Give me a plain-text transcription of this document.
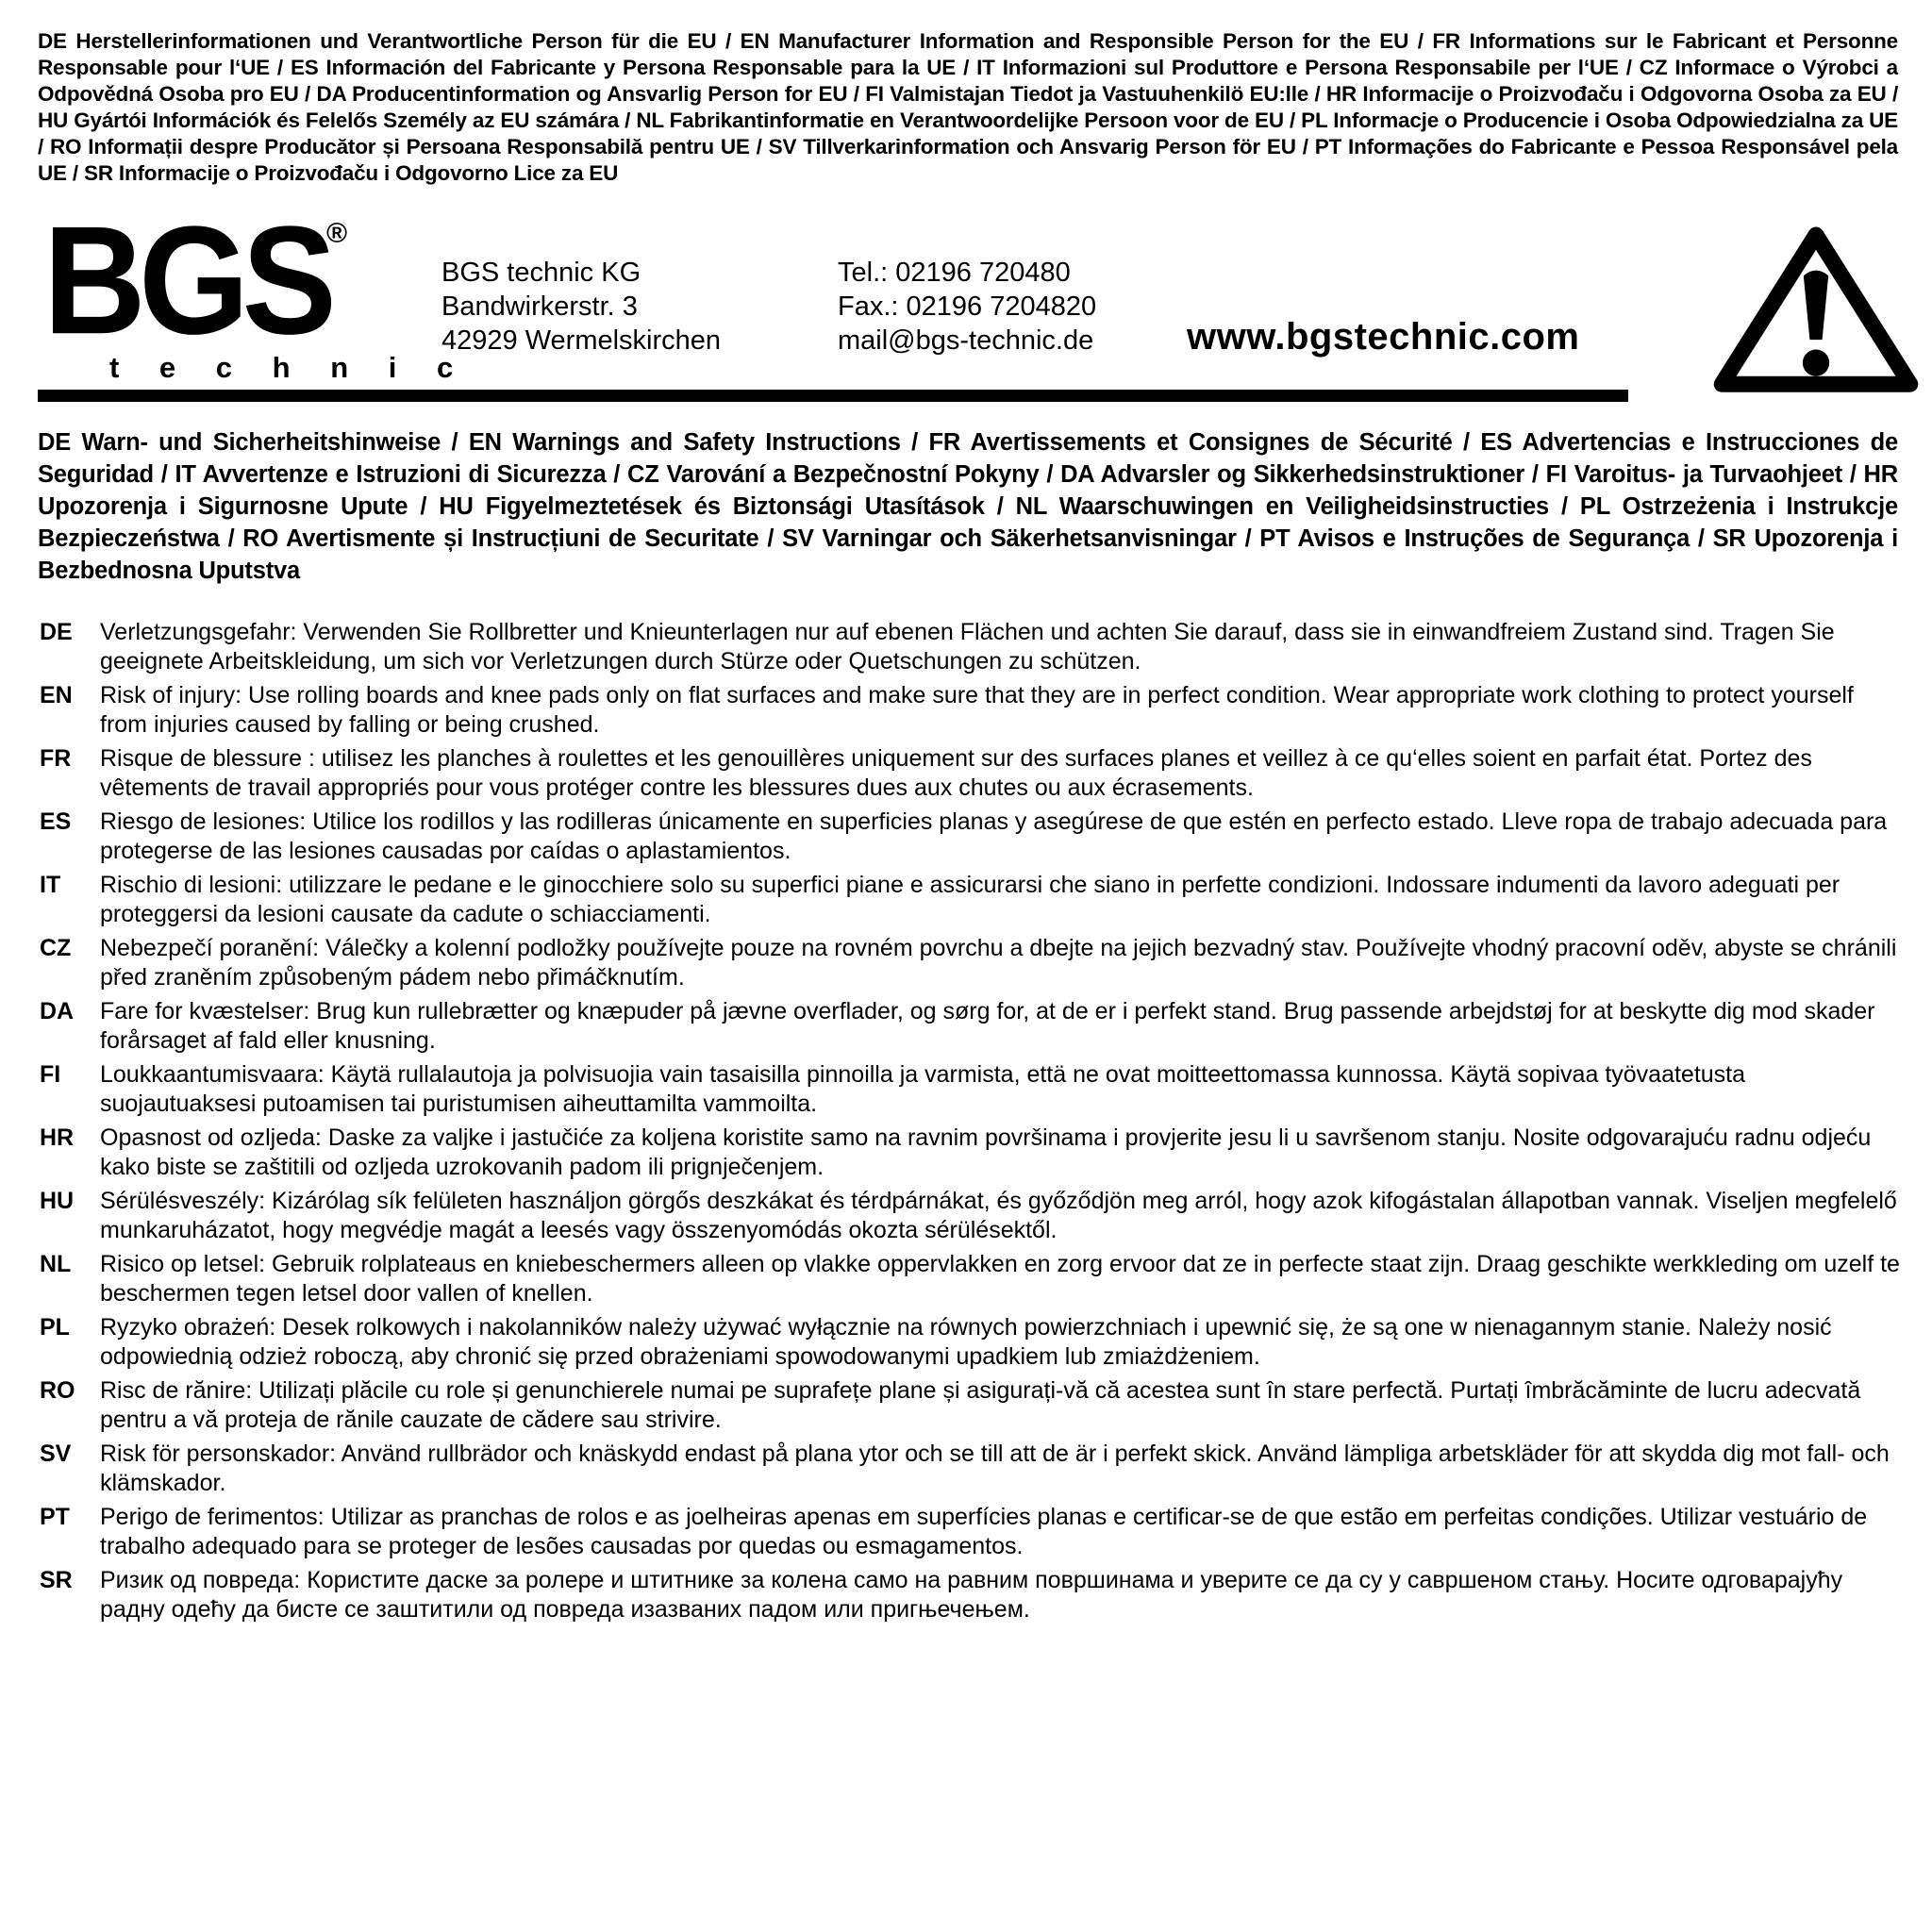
DE Herstellerinformationen und Verantwortliche Person für die EU / EN Manufacturer Information and Responsible Person for the EU / FR Informations sur le Fabricant et Personne Responsable pour l‘UE / ES Información del Fabricante y Persona Responsable para la UE / IT Informazioni sul Produttore e Persona Responsabile per l‘UE / CZ Informace o Výrobci a Odpovědná Osoba pro EU / DA Producentinformation og Ansvarlig Person for EU / FI Valmistajan Tiedot ja Vastuuhenkilö EU:lle / HR Informacije o Proizvođaču i Odgovorna Osoba za EU / HU Gyártói Információk és Felelős Személy az EU számára / NL Fabrikantinformatie en Verantwoordelijke Persoon voor de EU / PL Informacje o Producencie i Osoba Odpowiedzialna za UE / RO Informații despre Producător și Persoana Responsabilă pentru UE / SV Tillverkarinformation och Ansvarig Person för EU / PT Informações do Fabricante e Pessoa Responsável pela UE / SR Informacije o Proizvođaču i Odgovorno Lice za EU
BGS
®
t e c h n i c
BGS technic KG
Bandwirkerstr. 3
42929 Wermelskirchen
Tel.: 02196 720480
Fax.: 02196 7204820
mail@bgs-technic.de www.bgstechnic.com
DE Warn- und Sicherheitshinweise / EN Warnings and Safety Instructions / FR Avertissements et Consignes de Sécurité / ES Advertencias e Instrucciones de Seguridad / IT Avvertenze e Istruzioni di Sicurezza / CZ Varování a Bezpečnostní Pokyny / DA Advarsler og Sikkerhedsinstruktioner / FI Varoitus- ja Turvaohjeet / HR Upozorenja i Sigurnosne Upute / HU Figyelmeztetések és Biztonsági Utasítások / NL Waarschuwingen en Veiligheidsinstructies / PL Ostrzeżenia i Instrukcje Bezpieczeństwa / RO Avertismente și Instrucțiuni de Securitate / SV Varningar och Säkerhetsanvisningar / PT Avisos e Instruções de Segurança / SR Upozorenja i Bezbednosna Uputstva
DE	Verletzungsgefahr: Verwenden Sie Rollbretter und Knieunterlagen nur auf ebenen Flächen und achten Sie darauf, dass sie in einwandfreiem Zustand sind. Tragen Sie geeignete Arbeitskleidung, um sich vor Verletzungen durch Stürze oder Quetschungen zu schützen.
EN	Risk of injury: Use rolling boards and knee pads only on flat surfaces and make sure that they are in perfect condition. Wear appropriate work clothing to protect yourself from injuries caused by falling or being crushed.
FR	Risque de blessure : utilisez les planches à roulettes et les genouillères uniquement sur des surfaces planes et veillez à ce qu‘elles soient en parfait état. Portez des vêtements de travail appropriés pour vous protéger contre les blessures dues aux chutes ou aux écrasements.
ES	Riesgo de lesiones: Utilice los rodillos y las rodilleras únicamente en superficies planas y asegúrese de que estén en perfecto estado. Lleve ropa de trabajo adecuada para protegerse de las lesiones causadas por caídas o aplastamientos.
IT	Rischio di lesioni: utilizzare le pedane e le ginocchiere solo su superfici piane e assicurarsi che siano in perfette condizioni. Indossare indumenti da lavoro adeguati per proteggersi da lesioni causate da cadute o schiacciamenti.
CZ	Nebezpečí poranění: Válečky a kolenní podložky používejte pouze na rovném povrchu a dbejte na jejich bezvadný stav. Používejte vhodný pracovní oděv, abyste se chránili před zraněním způsobeným pádem nebo přimáčknutím.
DA	Fare for kvæstelser: Brug kun rullebrætter og knæpuder på jævne overflader, og sørg for, at de er i perfekt stand. Brug passende arbejdstøj for at beskytte dig mod skader forårsaget af fald eller knusning.
FI	Loukkaantumisvaara: Käytä rullalautoja ja polvisuojia vain tasaisilla pinnoilla ja varmista, että ne ovat moitteettomassa kunnossa. Käytä sopivaa työvaatetusta suojautuaksesi putoamisen tai puristumisen aiheuttamilta vammoilta.
HR	Opasnost od ozljeda: Daske za valjke i jastučiće za koljena koristite samo na ravnim površinama i provjerite jesu li u savršenom stanju. Nosite odgovarajuću radnu odjeću kako biste se zaštitili od ozljeda uzrokovanih padom ili prignječenjem.
HU	Sérülésveszély: Kizárólag sík felületen használjon görgős deszkákat és térdpárnákat, és győződjön meg arról, hogy azok kifogástalan állapotban vannak. Viseljen megfelelő munkaruházatot, hogy megvédje magát a leesés vagy összenyomódás okozta sérülésektől.
NL	Risico op letsel: Gebruik rolplateaus en kniebeschermers alleen op vlakke oppervlakken en zorg ervoor dat ze in perfecte staat zijn. Draag geschikte werkkleding om uzelf te beschermen tegen letsel door vallen of knellen.
PL	Ryzyko obrażeń: Desek rolkowych i nakolanników należy używać wyłącznie na równych powierzchniach i upewnić się, że są one w nienagannym stanie. Należy nosić odpowiednią odzież roboczą, aby chronić się przed obrażeniami spowodowanymi upadkiem lub zmiażdżeniem.
RO	Risc de rănire: Utilizați plăcile cu role și genunchierele numai pe suprafețe plane și asigurați-vă că acestea sunt în stare perfectă. Purtați îmbrăcăminte de lucru adecvată pentru a vă proteja de rănile cauzate de cădere sau strivire.
SV	Risk för personskador: Använd rullbrädor och knäskydd endast på plana ytor och se till att de är i perfekt skick. Använd lämpliga arbetskläder för att skydda dig mot fall- och klämskador.
PT	Perigo de ferimentos: Utilizar as pranchas de rolos e as joelheiras apenas em superfícies planas e certificar-se de que estão em perfeitas condições. Utilizar vestuário de trabalho adequado para se proteger de lesões causadas por quedas ou esmagamentos.
SR	Ризик од повреда: Користите даске за ролере и штитнике за колена само на равним површинама и уверите се да су у савршеном стању. Носите одговарајућу радну одећу да бисте се заштитили од повреда изазваних падом или пригњечењем.
